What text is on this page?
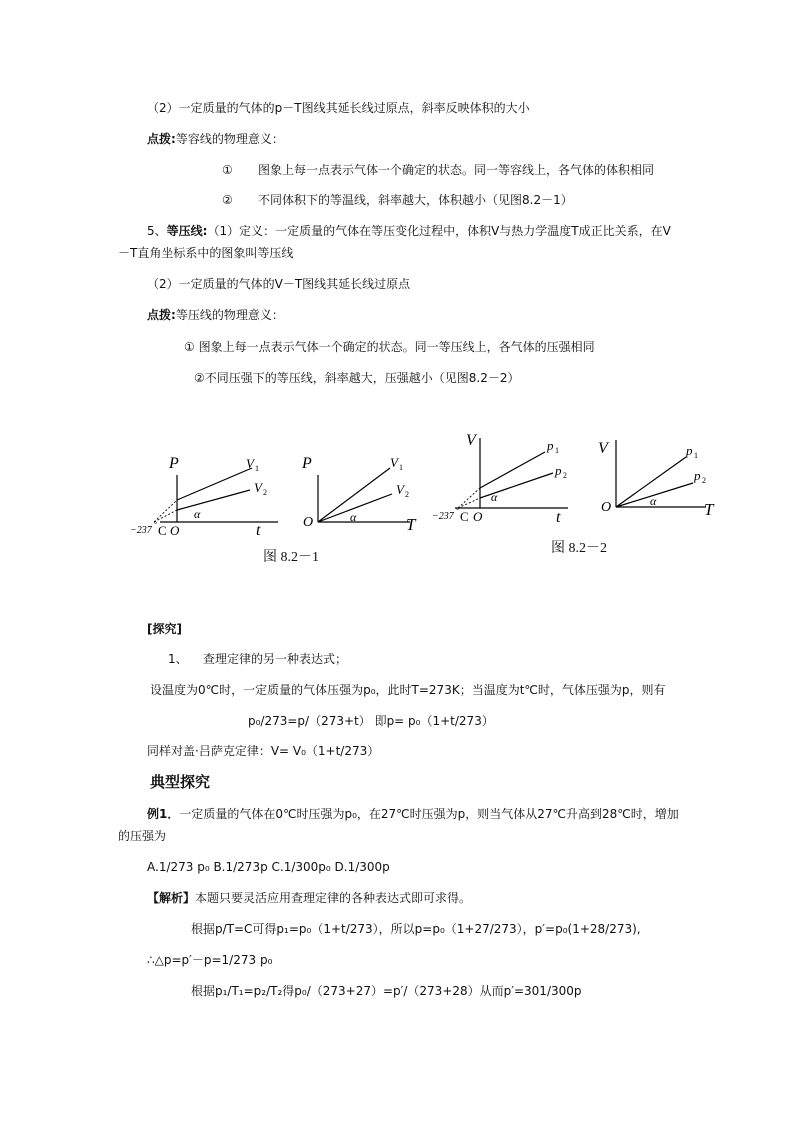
（2）一定质量的气体的p－T图线其延长线过原点，斜率反映体积的大小
点拨:等容线的物理意义：
① 图象上每一点表示气体一个确定的状态。同一等容线上，各气体的体积相同
② 不同体积下的等温线，斜率越大，体积越小（见图8.2－1）
5、等压线:（1）定义：一定质量的气体在等压变化过程中，体积V与热力学温度T成正比关系，在V
－T直角坐标系中的图象叫等压线
（2）一定质量的气体的V－T图线其延长线过原点
点拨:等压线的物理意义：
① 图象上每一点表示气体一个确定的状态。同一等压线上，各气体的压强相同
②不同压强下的等压线，斜率越大，压强越小（见图8.2－2）
P
t
V 1
V 2
α
−237
° C O
P
T
V 1
V 2
α
O
V
t
p 1
p 2
α
−237
° C O
V
T
p 1
p 2
α
O
图 8.2－1
图 8.2－2
[探究]
1、 查理定律的另一种表达式；
设温度为0℃时，一定质量的气体压强为p₀，此时T=273K；当温度为t℃时，气体压强为p，则有
p₀/273=p/（273+t） 即p= p₀（1+t/273）
同样对盖·吕萨克定律：V= V₀（1+t/273）
典型探究
例1．一定质量的气体在0℃时压强为p₀，在27℃时压强为p，则当气体从27℃升高到28℃时，增加
的压强为
A.1/273 p₀ B.1/273p C.1/300p₀ D.1/300p
【解析】本题只要灵活应用查理定律的各种表达式即可求得。
根据p/T=C可得p₁=p₀（1+t/273），所以p=p₀（1+27/273），p′=p₀(1+28/273),
∴△p=p′－p=1/273 p₀
根据p₁/T₁=p₂/T₂得p₀/（273+27）=p′/（273+28）从而p′=301/300p
